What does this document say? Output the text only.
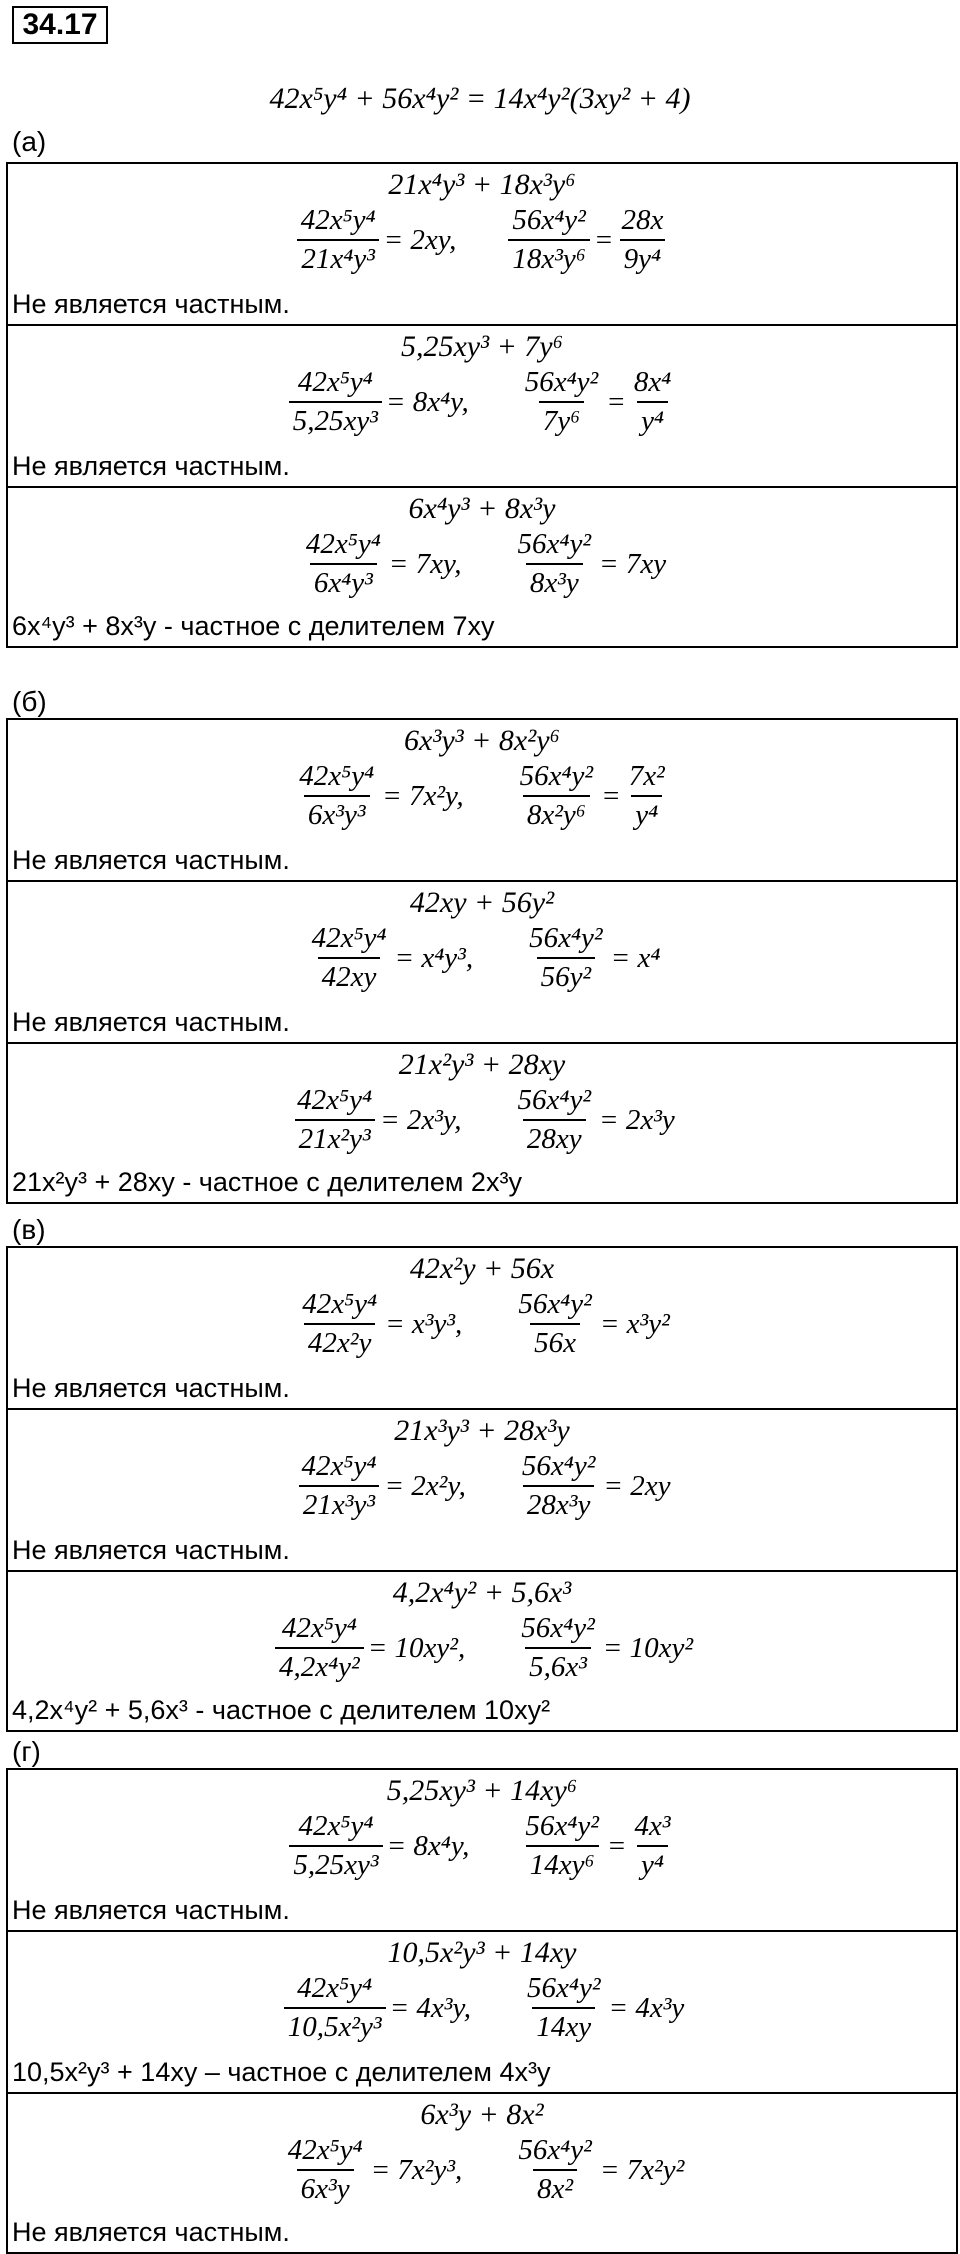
34.17
42x⁵y⁴ + 56x⁴y² = 14x⁴y²(3xy² + 4)
(а)
21x⁴y³ + 18x³y⁶
$\frac{\text{42x⁵y⁴}}{\text{21x⁴y³}} = 2xy$, $\frac{\text{56x⁴y²}}{\text{18x³y⁶}} = \frac{28x}{\text{9y⁴}}$
Не является частным.
5,25xy³ + 7y⁶
$\frac{\text{42x⁵y⁴}}{\text{5,25xy³}} = 8x^4y$, $\frac{\text{56x⁴y²}}{\text{7y⁶}} = \frac{\text{8x⁴}}{\text{y⁴}}$
Не является частным.
6x⁴y³ + 8x³y
$\frac{\text{42x⁵y⁴}}{\text{6x⁴y³}} = 7xy$, $\frac{\text{56x⁴y²}}{\text{8x³y}} = 7xy$
6x⁴y³ + 8x³y - частное с делителем 7xy
(б)
6x³y³ + 8x²y⁶
$\frac{\text{42x⁵y⁴}}{\text{6x³y³}} = 7x^2y$, $\frac{\text{56x⁴y²}}{\text{8x²y⁶}} = \frac{\text{7x²}}{\text{y⁴}}$
Не является частным.
42xy + 56y²
$\frac{\text{42x⁵y⁴}}{42xy} = x^4y^3$, $\frac{\text{56x⁴y²}}{\text{56y²}} = x^4$
Не является частным.
21x²y³ + 28xy
$\frac{\text{42x⁵y⁴}}{\text{21x²y³}} = 2x^3y$, $\frac{\text{56x⁴y²}}{28xy} = 2x^3y$
21x²y³ + 28xy - частное с делителем 2x³y
(в)
42x²y + 56x
$\frac{\text{42x⁵y⁴}}{\text{42x²y}} = x^3y^3$, $\frac{\text{56x⁴y²}}{56x} = x^3y^2$
Не является частным.
21x³y³ + 28x³y
$\frac{\text{42x⁵y⁴}}{\text{21x³y³}} = 2x^2y$, $\frac{\text{56x⁴y²}}{\text{28x³y}} = 2xy$
Не является частным.
4,2x⁴y² + 5,6x³
$\frac{\text{42x⁵y⁴}}{\text{4,2x⁴y²}} = 10xy^2$, $\frac{\text{56x⁴y²}}{\text{5,6x³}} = 10xy^2$
4,2x⁴y² + 5,6x³ - частное с делителем 10xy²
(г)
5,25xy³ + 14xy⁶
$\frac{\text{42x⁵y⁴}}{\text{5,25xy³}} = 8x^4y$, $\frac{\text{56x⁴y²}}{\text{14xy⁶}} = \frac{\text{4x³}}{\text{y⁴}}$
Не является частным.
10,5x²y³ + 14xy
$\frac{\text{42x⁵y⁴}}{\text{10,5x²y³}} = 4x^3y$, $\frac{\text{56x⁴y²}}{14xy} = 4x^3y$
10,5x²y³ + 14xy – частное с делителем 4x³y
6x³y + 8x²
$\frac{\text{42x⁵y⁴}}{\text{6x³y}} = 7x^2y^3$, $\frac{\text{56x⁴y²}}{\text{8x²}} = 7x^2y^2$
Не является частным.
